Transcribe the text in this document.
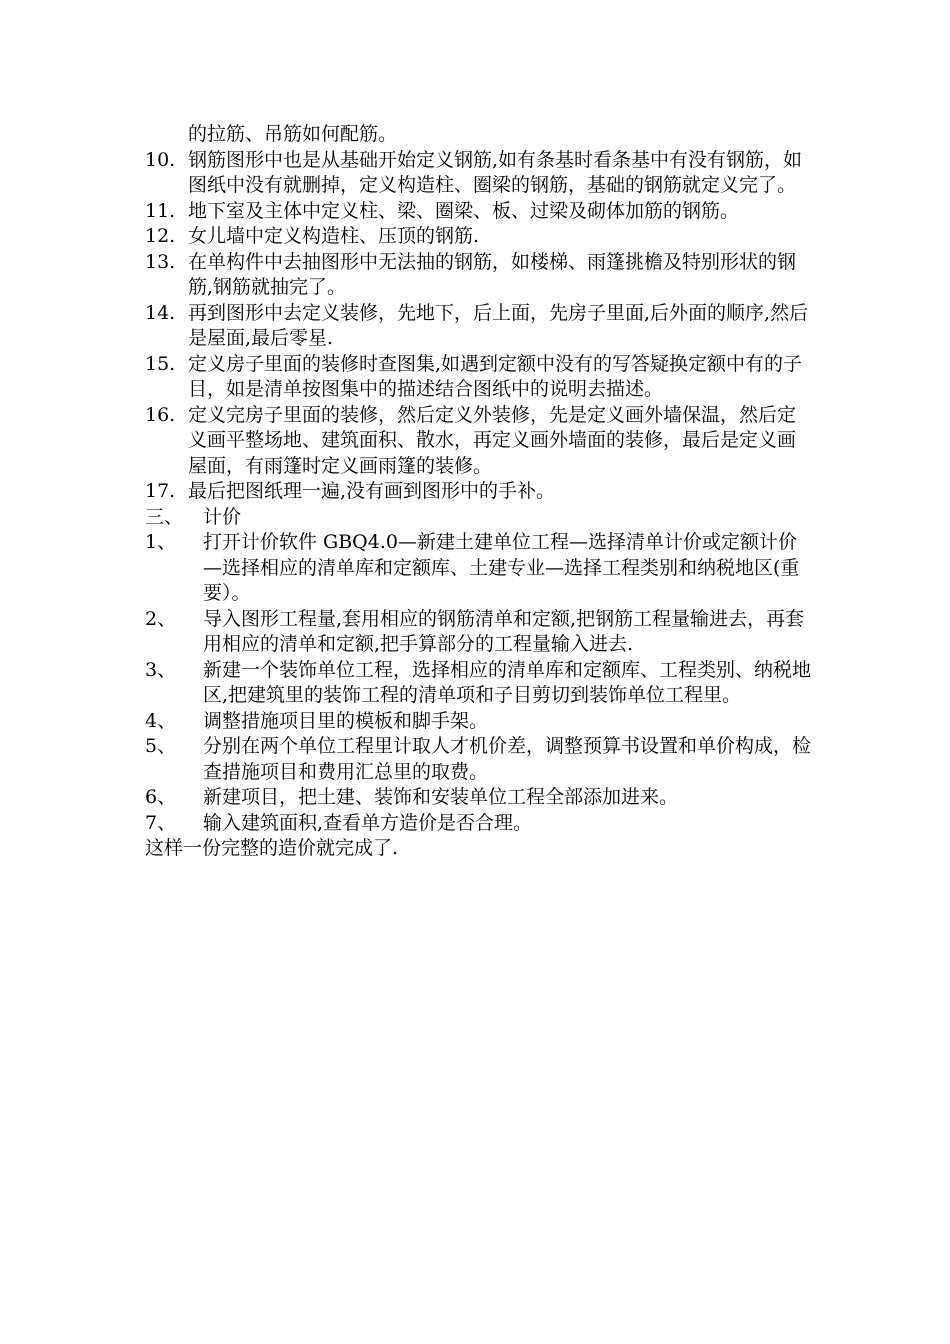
的拉筋、吊筋如何配筋。

10. 钢筋图形中也是从基础开始定义钢筋,如有条基时看条基中有没有钢筋，如图纸中没有就删掉，定义构造柱、圈梁的钢筋，基础的钢筋就定义完了。

11. 地下室及主体中定义柱、梁、圈梁、板、过梁及砌体加筋的钢筋。

12. 女儿墙中定义构造柱、压顶的钢筋.

13. 在单构件中去抽图形中无法抽的钢筋，如楼梯、雨篷挑檐及特别形状的钢筋,钢筋就抽完了。

14. 再到图形中去定义装修，先地下，后上面，先房子里面,后外面的顺序,然后是屋面,最后零星.

15. 定义房子里面的装修时查图集,如遇到定额中没有的写答疑换定额中有的子目，如是清单按图集中的描述结合图纸中的说明去描述。

16. 定义完房子里面的装修，然后定义外装修，先是定义画外墙保温，然后定义画平整场地、建筑面积、散水，再定义画外墙面的装修，最后是定义画屋面，有雨篷时定义画雨篷的装修。

17. 最后把图纸理一遍,没有画到图形中的手补。

三、 计价

1、 打开计价软件 GBQ4.0—新建土建单位工程—选择清单计价或定额计价—选择相应的清单库和定额库、土建专业—选择工程类别和纳税地区(重要）。

2、 导入图形工程量,套用相应的钢筋清单和定额,把钢筋工程量输进去，再套用相应的清单和定额,把手算部分的工程量输入进去.

3、 新建一个装饰单位工程，选择相应的清单库和定额库、工程类别、纳税地区,把建筑里的装饰工程的清单项和子目剪切到装饰单位工程里。

4、 调整措施项目里的模板和脚手架。

5、 分别在两个单位工程里计取人才机价差，调整预算书设置和单价构成，检查措施项目和费用汇总里的取费。

6、 新建项目，把土建、装饰和安装单位工程全部添加进来。

7、 输入建筑面积,查看单方造价是否合理。

这样一份完整的造价就完成了.
